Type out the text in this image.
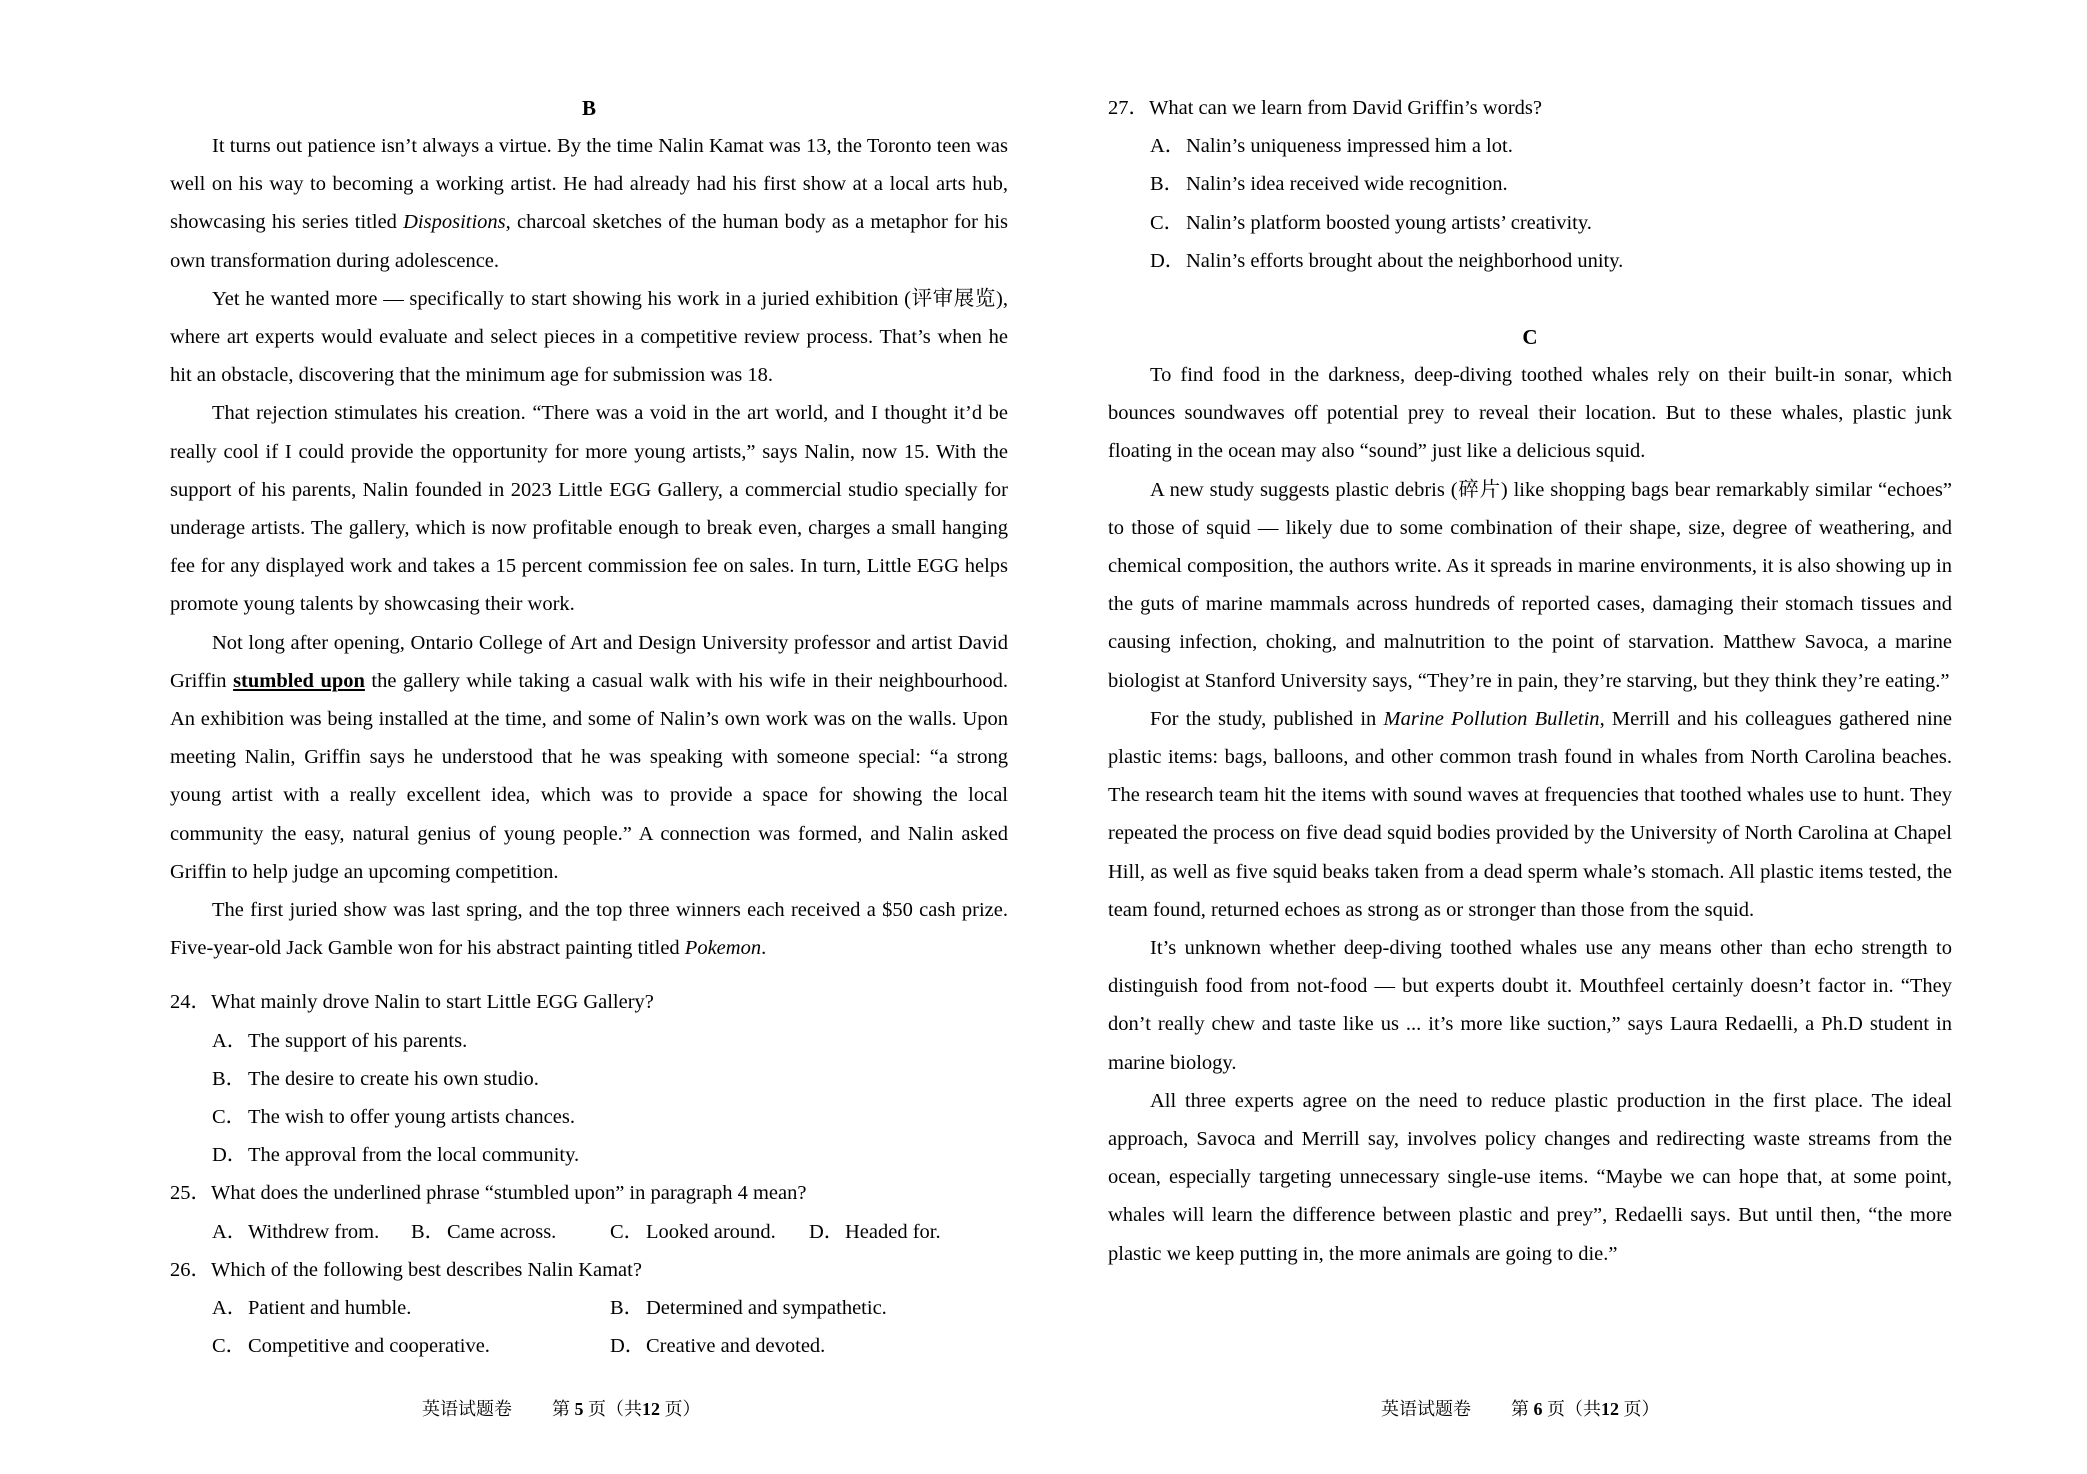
B

It turns out patience isn’t always a virtue. By the time Nalin Kamat was 13, the Toronto teen was well on his way to becoming a working artist. He had already had his first show at a local arts hub, showcasing his series titled Dispositions, charcoal sketches of the human body as a metaphor for his own transformation during adolescence.

Yet he wanted more — specifically to start showing his work in a juried exhibition (评审展览), where art experts would evaluate and select pieces in a competitive review process. That’s when he hit an obstacle, discovering that the minimum age for submission was 18.

That rejection stimulates his creation. “There was a void in the art world, and I thought it’d be really cool if I could provide the opportunity for more young artists,” says Nalin, now 15. With the support of his parents, Nalin founded in 2023 Little EGG Gallery, a commercial studio specially for underage artists. The gallery, which is now profitable enough to break even, charges a small hanging fee for any displayed work and takes a 15 percent commission fee on sales. In turn, Little EGG helps promote young talents by showcasing their work.

Not long after opening, Ontario College of Art and Design University professor and artist David Griffin stumbled upon the gallery while taking a casual walk with his wife in their neighbourhood. An exhibition was being installed at the time, and some of Nalin’s own work was on the walls. Upon meeting Nalin, Griffin says he understood that he was speaking with someone special: “a strong young artist with a really excellent idea, which was to provide a space for showing the local community the easy, natural genius of young people.” A connection was formed, and Nalin asked Griffin to help judge an upcoming competition.

The first juried show was last spring, and the top three winners each received a $50 cash prize. Five-year-old Jack Gamble won for his abstract painting titled Pokemon.

24．What mainly drove Nalin to start Little EGG Gallery?
A．The support of his parents.
B．The desire to create his own studio.
C．The wish to offer young artists chances.
D．The approval from the local community.
25．What does the underlined phrase “stumbled upon” in paragraph 4 mean?
A．Withdrew from.	B．Came across.	C．Looked around.	D．Headed for.
26．Which of the following best describes Nalin Kamat?
A．Patient and humble.	B．Determined and sympathetic.
C．Competitive and cooperative.	D．Creative and devoted.
英语试题卷 第 5 页（共12 页）
27．What can we learn from David Griffin’s words?
A．Nalin’s uniqueness impressed him a lot.
B．Nalin’s idea received wide recognition.
C．Nalin’s platform boosted young artists’ creativity.
D．Nalin’s efforts brought about the neighborhood unity.
C

To find food in the darkness, deep-diving toothed whales rely on their built-in sonar, which bounces soundwaves off potential prey to reveal their location. But to these whales, plastic junk floating in the ocean may also “sound” just like a delicious squid.

A new study suggests plastic debris (碎片) like shopping bags bear remarkably similar “echoes” to those of squid — likely due to some combination of their shape, size, degree of weathering, and chemical composition, the authors write. As it spreads in marine environments, it is also showing up in the guts of marine mammals across hundreds of reported cases, damaging their stomach tissues and causing infection, choking, and malnutrition to the point of starvation. Matthew Savoca, a marine biologist at Stanford University says, “They’re in pain, they’re starving, but they think they’re eating.”

For the study, published in Marine Pollution Bulletin, Merrill and his colleagues gathered nine plastic items: bags, balloons, and other common trash found in whales from North Carolina beaches. The research team hit the items with sound waves at frequencies that toothed whales use to hunt. They repeated the process on five dead squid bodies provided by the University of North Carolina at Chapel Hill, as well as five squid beaks taken from a dead sperm whale’s stomach. All plastic items tested, the team found, returned echoes as strong as or stronger than those from the squid.

It’s unknown whether deep-diving toothed whales use any means other than echo strength to distinguish food from not-food — but experts doubt it. Mouthfeel certainly doesn’t factor in. “They don’t really chew and taste like us ... it’s more like suction,” says Laura Redaelli, a Ph.D student in marine biology.

All three experts agree on the need to reduce plastic production in the first place. The ideal approach, Savoca and Merrill say, involves policy changes and redirecting waste streams from the ocean, especially targeting unnecessary single-use items. “Maybe we can hope that, at some point, whales will learn the difference between plastic and prey”, Redaelli says. But until then, “the more plastic we keep putting in, the more animals are going to die.”

英语试题卷 第 6 页（共12 页）
